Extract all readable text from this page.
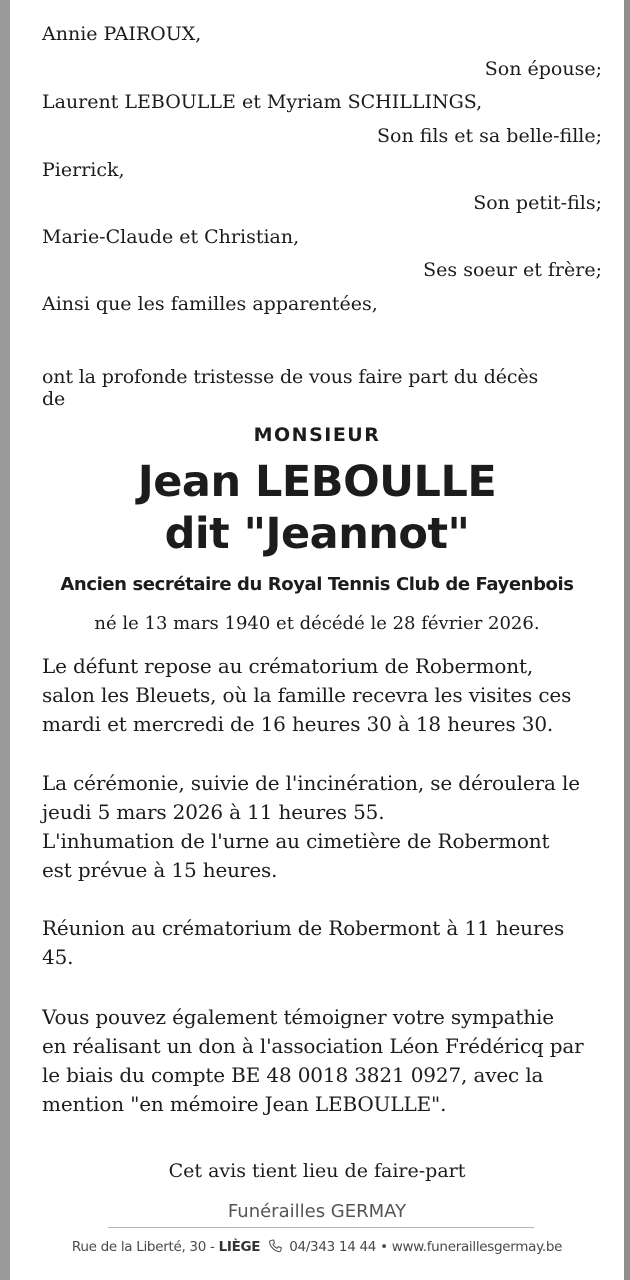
Annie PAIROUX,
Son épouse;
Laurent LEBOULLE et Myriam SCHILLINGS,
Son fils et sa belle-fille;
Pierrick,
Son petit-fils;
Marie-Claude et Christian,
Ses soeur et frère;
Ainsi que les familles apparentées,
ont la profonde tristesse de vous faire part du décès
de
MONSIEUR
Jean LEBOULLE
dit "Jeannot"
Ancien secrétaire du Royal Tennis Club de Fayenbois
né le 13 mars 1940 et décédé le 28 février 2026.
Le défunt repose au crématorium de Robermont,
salon les Bleuets, où la famille recevra les visites ces
mardi et mercredi de 16 heures 30 à 18 heures 30.
La cérémonie, suivie de l'incinération, se déroulera le
jeudi 5 mars 2026 à 11 heures 55.
L'inhumation de l'urne au cimetière de Robermont
est prévue à 15 heures.
Réunion au crématorium de Robermont à 11 heures
45.
Vous pouvez également témoigner votre sympathie
en réalisant un don à l'association Léon Frédéricq par
le biais du compte BE 48 0018 3821 0927, avec la
mention "en mémoire Jean LEBOULLE".
Cet avis tient lieu de faire-part
Funérailles GERMAY
Rue de la Liberté, 30 - LIÈGE 04/343 14 44 • www.funeraillesgermay.be
